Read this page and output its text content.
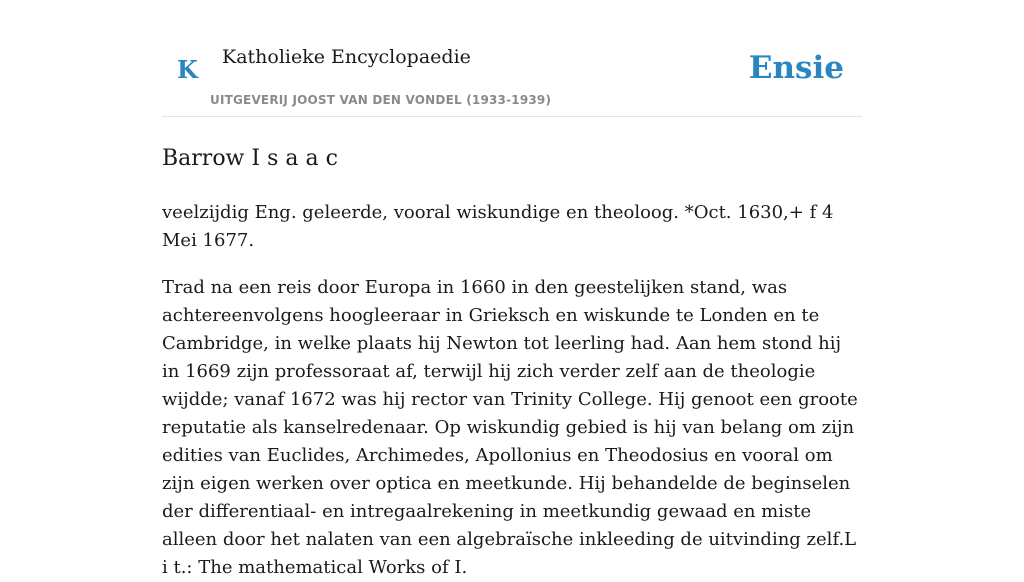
K Katholieke Encyclopaedie
UITGEVERIJ JOOST VAN DEN VONDEL (1933-1939)
Ensie
Barrow I s a a c

veelzijdig Eng. geleerde, vooral wiskundige en theoloog. *Oct. 1630,+ f 4 Mei 1677.

Trad na een reis door Europa in 1660 in den geestelijken stand, was achtereenvolgens hoogleeraar in Grieksch en wiskunde te Londen en te Cambridge, in welke plaats hij Newton tot leerling had. Aan hem stond hij in 1669 zijn professoraat af, terwijl hij zich verder zelf aan de theologie wijdde; vanaf 1672 was hij rector van Trinity College. Hij genoot een groote reputatie als kanselredenaar. Op wiskundig gebied is hij van belang om zijn edities van Euclides, Archimedes, Apollonius en Theodosius en vooral om zijn eigen werken over optica en meetkunde. Hij behandelde de beginselen der differentiaal- en intregaalrekening in meetkundig gewaad en miste alleen door het nalaten van een algebraïsche inkleeding de uitvinding zelf.L i t.: The mathematical Works of I.
